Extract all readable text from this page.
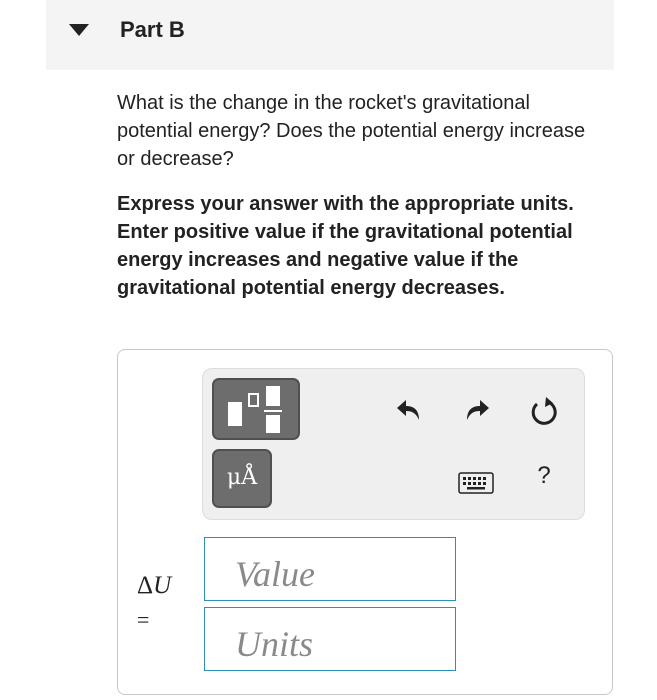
Part B
What is the change in the rocket's gravitational potential energy? Does the potential energy increase or decrease?
Express your answer with the appropriate units. Enter positive value if the gravitational potential energy increases and negative value if the gravitational potential energy decreases.
μÅ	?
ΔU
=
Value
Units
